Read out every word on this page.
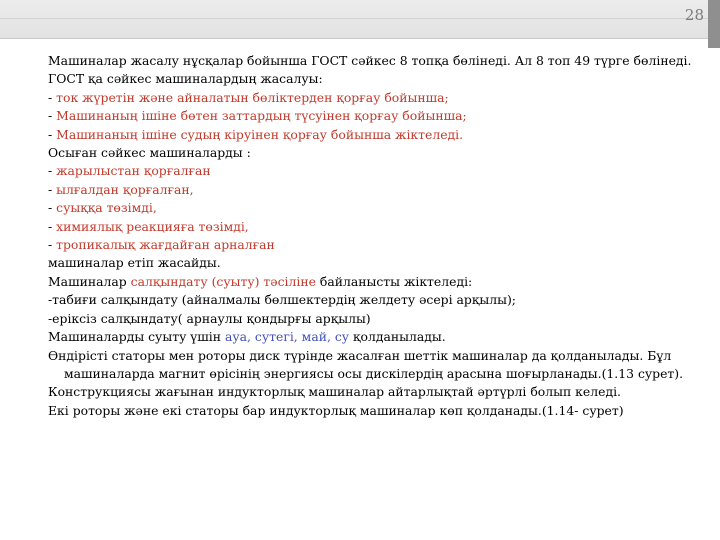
28

Машиналар жасалу нұсқалар бойынша ГОСТ сәйкес 8 топқа бөлінеді. Ал 8 топ 49 түрге бөлінеді.

ГОСТ қа сәйкес машиналардың жасалуы:

- ток жүретін және айналатын бөліктерден қорғау бойынша;

- Машинаның ішіне бөтен заттардың түсуінен қорғау бойынша;

- Машинаның ішіне судың кіруінен қорғау бойынша жіктеледі.

Осыған сәйкес машиналарды :

- жарылыстан қорғалған

- ылғалдан қорғалған,

- суыққа төзімді,

- химиялық реакцияға төзімді,

- тропикалық жағдайған арналған

машиналар етіп жасайды.

Машиналар салқындату (суыту) тәсіліне байланысты жіктеледі:

-табиғи салқындату (айналмалы бөлшектердің желдету әсері арқылы);

-еріксіз салқындату( арнаулы қондырғы арқылы)

Машиналарды суыту үшін ауа, сутегі, май, су қолданылады.

Өндірісті статоры мен роторы диск түрінде жасалған шеттік машиналар да қолданылады. Бұл машиналарда магнит өрісінің энергиясы осы дискілердің арасына шоғырланады.(1.13 сурет).

Конструкциясы жағынан индукторлық машиналар айтарлықтай әртүрлі болып келеді.

Екі роторы және екі статоры бар индукторлық машиналар көп қолданады.(1.14- сурет)
